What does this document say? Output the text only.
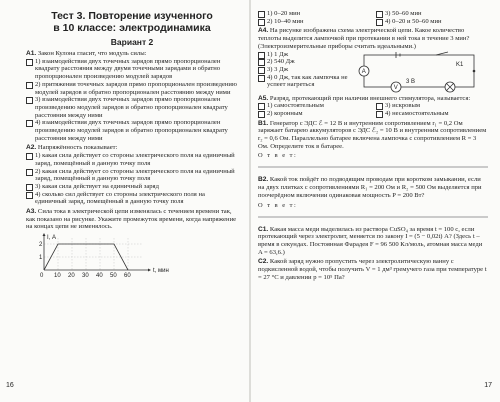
Тест 3. Повторение изученного
в 10 классе: электродинамика
Вариант 2

А1. Закон Кулона гласит, что модуль силы:

1) взаимодействия двух точечных зарядов прямо пропорционален квадрату расстояния между двумя точечными зарядами и обратно пропорционален произведению модулей зарядов
2) притяжения точечных зарядов прямо пропорционален произведению модулей зарядов и обратно пропорционален расстоянию между ними
3) взаимодействия двух точечных зарядов прямо пропорционален произведению модулей зарядов и обратно пропорционален квадрату расстояния между ними
4) взаимодействия двух точечных зарядов прямо пропорционален произведению модулей зарядов и обратно пропорционален квадрату расстояния между ними

А2. Напряжённость показывает:

1) какая сила действует со стороны электрического поля на единичный заряд, помещённый в данную точку поля
2) какая сила действует со стороны электрического поля на единичный заряд, помещённый в данную точку поля
3) какая сила действует на единичный заряд
4) сколько сил действует со стороны электрического поля на единичный заряд, помещённый в данную точку поля

А3. Сила тока в электрической цепи изменялась с течением времени так, как показано на рисунке. Укажите промежуток времени, когда напряжение на концах цепи не изменялось.

I, А
t, мин
2
1
0 10 20 30 40 50 60
16
1) 0–20 мин	3) 50–60 мин
2) 10–40 мин	4) 0–20 и 50–60 мин

А4. На рисунке изображена схема электрической цепи. Какое количество теплоты выделится лампочкой при протекании в ней тока в течение 3 мин? (Электроизмерительные приборы считать идеальными.)

1) 1 Дж
2) 540 Дж
3) 3 Дж
4) 0 Дж, так как лампочка не успеет нагреться
K1
А
V
3 В

А5. Разряд, протекающий при наличии внешнего стимулятора, называется:

1) самостоятельным	3) искровым
2) коронным	4) несамостоятельным

В1. Генератор с ЭДС ℰ = 12 В и внутренним сопротивлением r₁ = 0,2 Ом заряжает батарею аккумуляторов с ЭДС ℰ₂ = 10 В и внутренним сопротивлением r₂ = 0,6 Ом. Параллельно батарее включена лампочка с сопротивлением R = 3 Ом. Определите ток в батарее.

О т в е т:

В2. Какой ток пойдёт по подводящим проводам при коротком замыкании, если на двух плитках с сопротивлениями R₁ = 200 Ом и R₂ = 500 Ом выделяется при поочерёдном включении одинаковая мощность P = 200 Вт?

О т в е т:

С1. Какая масса меди выделилась из раствора CuSO₄ за время t = 100 с, если протекающий через электролит, меняется по закону I = (5 − 0,02t) А? (Здесь t – время в секундах. Постоянная Фарадея F = 96 500 Кл/моль, атомная масса меди A = 63,6.)

С2. Какой заряд нужно пропустить через электролитическую ванну с подкисленной водой, чтобы получить V = 1 дм³ гремучего газа при температуре t = 27 °C и давлении p = 10⁵ Па?

17
